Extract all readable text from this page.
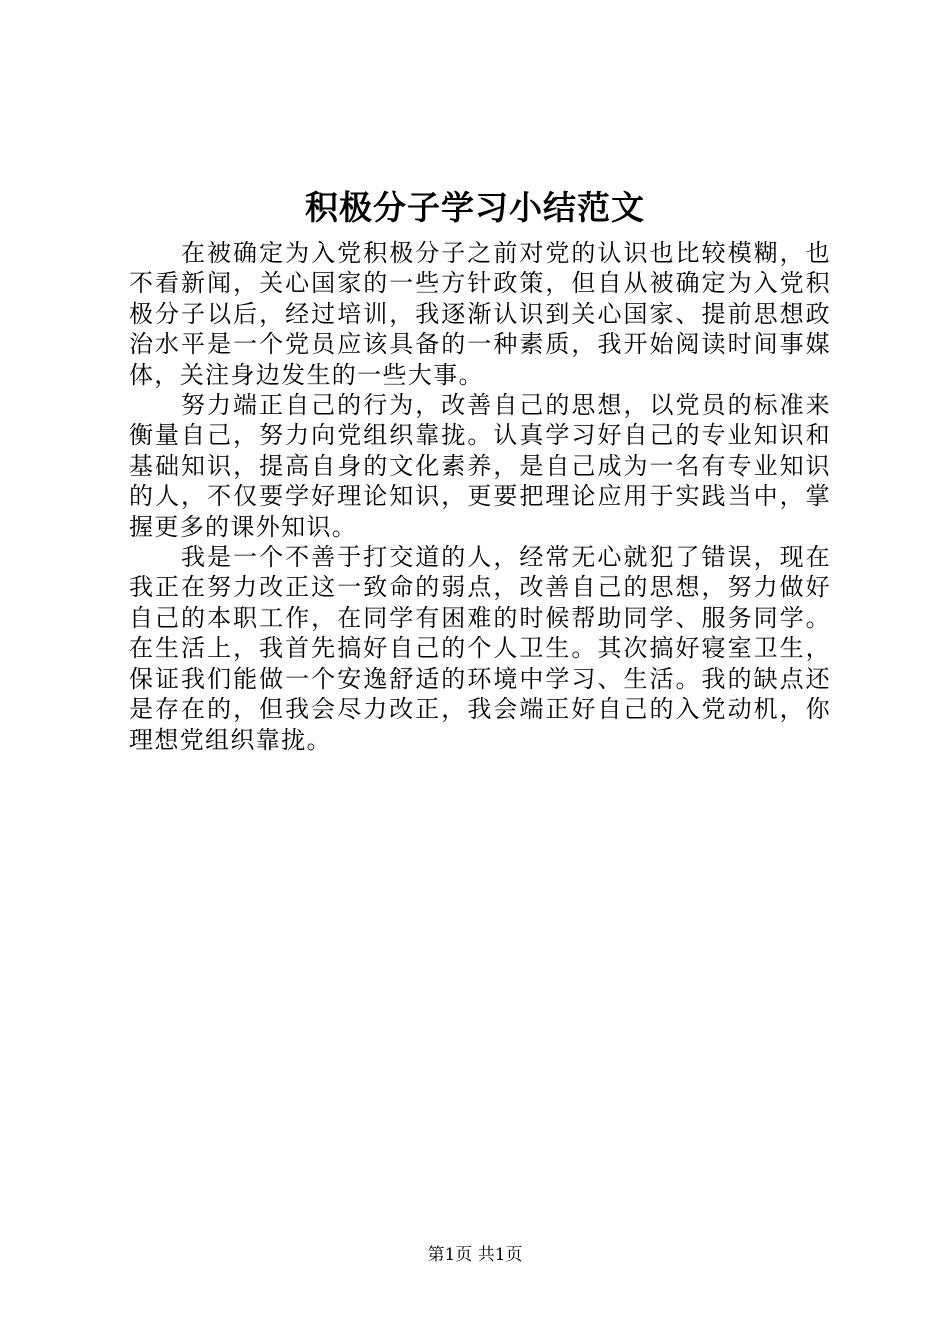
积极分子学习小结范文

在被确定为入党积极分子之前对党的认识也比较模糊，也不看新闻，关心国家的一些方针政策，但自从被确定为入党积极分子以后，经过培训，我逐渐认识到关心国家、提前思想政治水平是一个党员应该具备的一种素质，我开始阅读时间事媒体，关注身边发生的一些大事。

努力端正自己的行为，改善自己的思想，以党员的标准来衡量自己，努力向党组织靠拢。认真学习好自己的专业知识和基础知识，提高自身的文化素养，是自己成为一名有专业知识的人，不仅要学好理论知识，更要把理论应用于实践当中，掌握更多的课外知识。

我是一个不善于打交道的人，经常无心就犯了错误，现在我正在努力改正这一致命的弱点，改善自己的思想，努力做好自己的本职工作，在同学有困难的时候帮助同学、服务同学。在生活上，我首先搞好自己的个人卫生。其次搞好寝室卫生，保证我们能做一个安逸舒适的环境中学习、生活。我的缺点还是存在的，但我会尽力改正，我会端正好自己的入党动机，你理想党组织靠拢。

第1页 共1页
